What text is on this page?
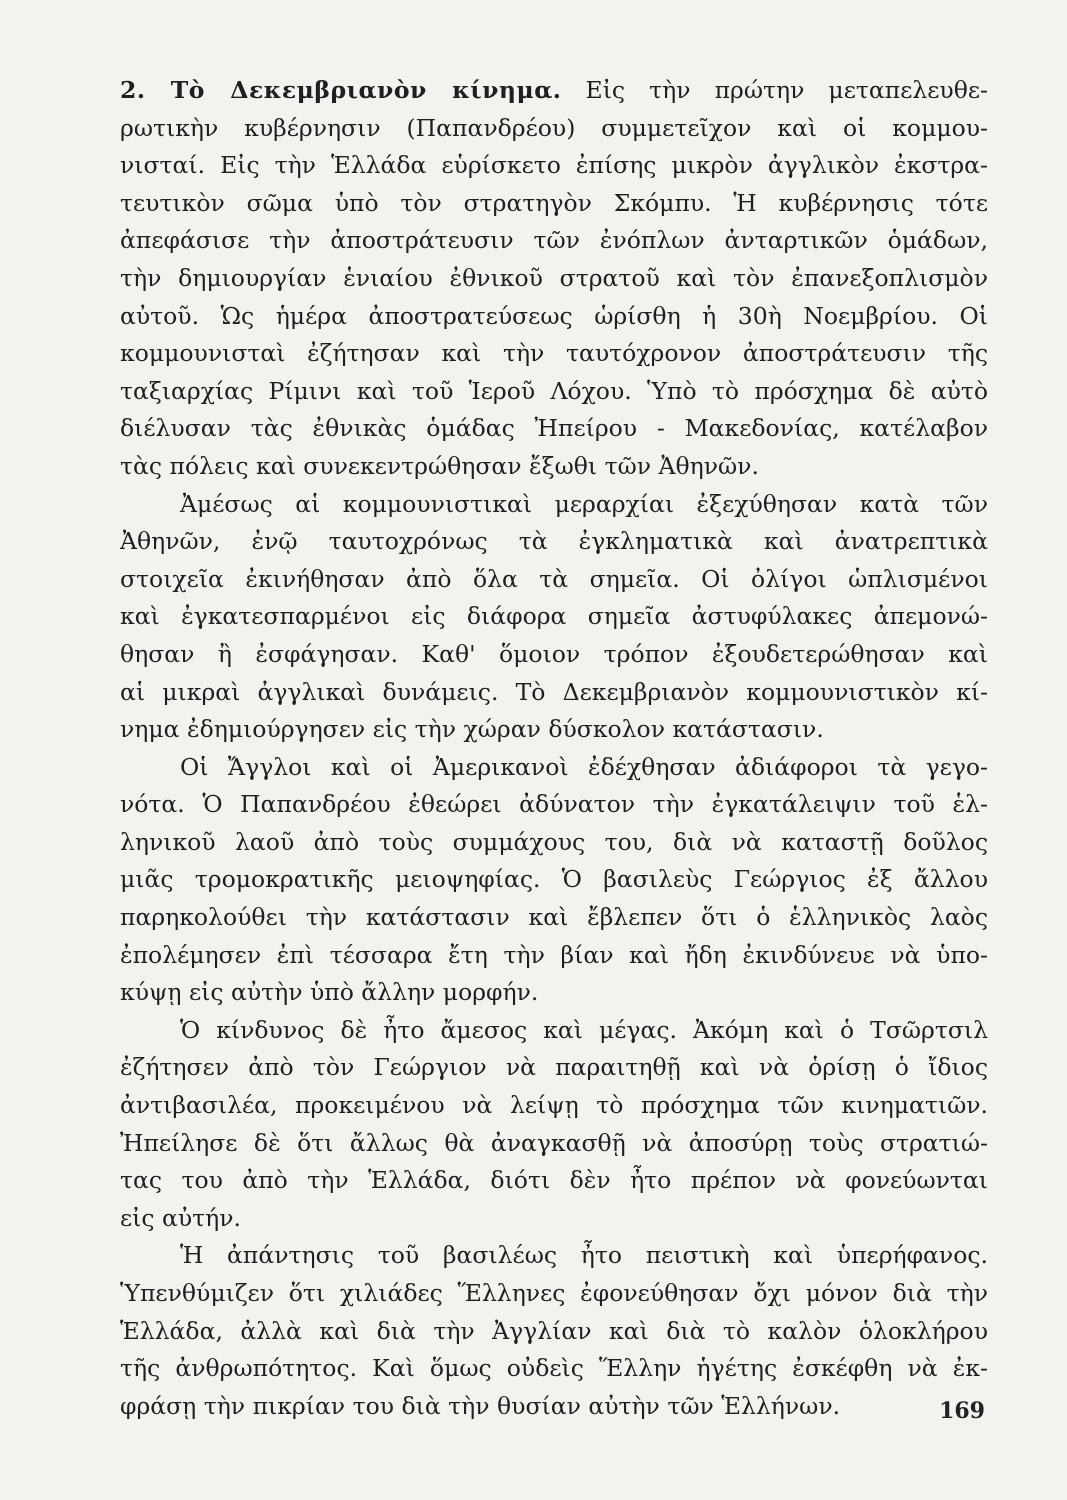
2. Τὸ Δεκεμβριανὸν κίνημα. Εἰς τὴν πρώτην μεταπελευθε-
ρωτικὴν κυβέρνησιν (Παπανδρέου) συμμετεῖχον καὶ οἱ κομμου-
νισταί. Εἰς τὴν Ἑλλάδα εὑρίσκετο ἐπίσης μικρὸν ἀγγλικὸν ἐκστρα-
τευτικὸν σῶμα ὑπὸ τὸν στρατηγὸν Σκόμπυ. Ἡ κυβέρνησις τότε
ἀπεφάσισε τὴν ἀποστράτευσιν τῶν ἐνόπλων ἀνταρτικῶν ὁμάδων,
τὴν δημιουργίαν ἑνιαίου ἐθνικοῦ στρατοῦ καὶ τὸν ἐπανεξοπλισμὸν
αὐτοῦ. Ὡς ἡμέρα ἀποστρατεύσεως ὡρίσθη ἡ 30ὴ Νοεμβρίου. Οἱ
κομμουνισταὶ ἐζήτησαν καὶ τὴν ταυτόχρονον ἀποστράτευσιν τῆς
ταξιαρχίας Ρίμινι καὶ τοῦ Ἱεροῦ Λόχου. Ὑπὸ τὸ πρόσχημα δὲ αὐτὸ
διέλυσαν τὰς ἐθνικὰς ὁμάδας Ἠπείρου - Μακεδονίας, κατέλαβον
τὰς πόλεις καὶ συνεκεντρώθησαν ἔξωθι τῶν Ἀθηνῶν.
Ἀμέσως αἱ κομμουνιστικαὶ μεραρχίαι ἐξεχύθησαν κατὰ τῶν
Ἀθηνῶν, ἐνῷ ταυτοχρόνως τὰ ἐγκληματικὰ καὶ ἀνατρεπτικὰ
στοιχεῖα ἐκινήθησαν ἀπὸ ὅλα τὰ σημεῖα. Οἱ ὀλίγοι ὡπλισμένοι
καὶ ἐγκατεσπαρμένοι εἰς διάφορα σημεῖα ἀστυφύλακες ἀπεμονώ-
θησαν ἢ ἐσφάγησαν. Καθ' ὅμοιον τρόπον ἐξουδετερώθησαν καὶ
αἱ μικραὶ ἀγγλικαὶ δυνάμεις. Τὸ Δεκεμβριανὸν κομμουνιστικὸν κί-
νημα ἐδημιούργησεν εἰς τὴν χώραν δύσκολον κατάστασιν.
Οἱ Ἄγγλοι καὶ οἱ Ἀμερικανοὶ ἐδέχθησαν ἀδιάφοροι τὰ γεγο-
νότα. Ὁ Παπανδρέου ἐθεώρει ἀδύνατον τὴν ἐγκατάλειψιν τοῦ ἑλ-
ληνικοῦ λαοῦ ἀπὸ τοὺς συμμάχους του, διὰ νὰ καταστῇ δοῦλος
μιᾶς τρομοκρατικῆς μειοψηφίας. Ὁ βασιλεὺς Γεώργιος ἐξ ἄλλου
παρηκολούθει τὴν κατάστασιν καὶ ἔβλεπεν ὅτι ὁ ἑλληνικὸς λαὸς
ἐπολέμησεν ἐπὶ τέσσαρα ἔτη τὴν βίαν καὶ ἤδη ἐκινδύνευε νὰ ὑπο-
κύψῃ εἰς αὐτὴν ὑπὸ ἄλλην μορφήν.
Ὁ κίνδυνος δὲ ἦτο ἄμεσος καὶ μέγας. Ἀκόμη καὶ ὁ Τσῶρτσιλ
ἐζήτησεν ἀπὸ τὸν Γεώργιον νὰ παραιτηθῇ καὶ νὰ ὁρίσῃ ὁ ἴδιος
ἀντιβασιλέα, προκειμένου νὰ λείψῃ τὸ πρόσχημα τῶν κινηματιῶν.
Ἠπείλησε δὲ ὅτι ἄλλως θὰ ἀναγκασθῇ νὰ ἀποσύρῃ τοὺς στρατιώ-
τας του ἀπὸ τὴν Ἑλλάδα, διότι δὲν ἦτο πρέπον νὰ φονεύωνται
εἰς αὐτήν.
Ἡ ἀπάντησις τοῦ βασιλέως ἦτο πειστικὴ καὶ ὑπερήφανος.
Ὑπενθύμιζεν ὅτι χιλιάδες Ἕλληνες ἐφονεύθησαν ὄχι μόνον διὰ τὴν
Ἑλλάδα, ἀλλὰ καὶ διὰ τὴν Ἀγγλίαν καὶ διὰ τὸ καλὸν ὁλοκλήρου
τῆς ἀνθρωπότητος. Καὶ ὅμως οὐδεὶς Ἕλλην ἡγέτης ἐσκέφθη νὰ ἐκ-
φράσῃ τὴν πικρίαν του διὰ τὴν θυσίαν αὐτὴν τῶν Ἑλλήνων.	169
